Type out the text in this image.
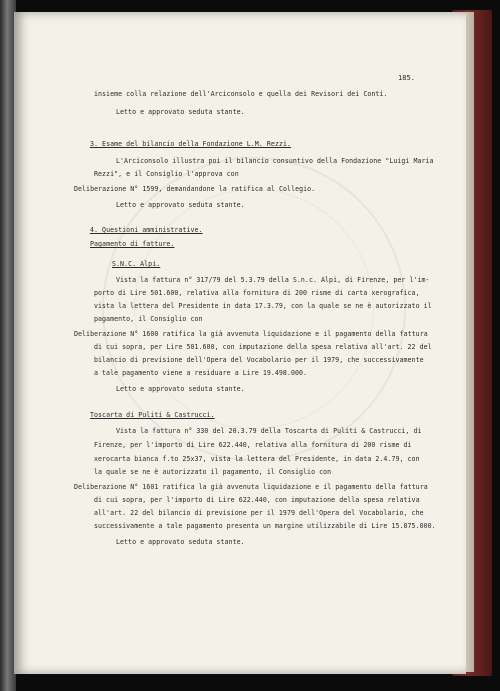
185.
insieme colla relazione dell'Arciconsolo e quella dei Revisori dei Conti.
Letto e approvato seduta stante.
3. Esame del bilancio della Fondazione L.M. Rezzi.
L'Arciconsolo illustra poi il bilancio consuntivo della Fondazione "Luigi Maria
Rezzi", e il Consiglio l'approva con
Deliberazione N° 1599, demandandone la ratifica al Collegio.
Letto e approvato seduta stante.
4. Questioni amministrative.
Pagamento di fatture.
S.N.C. Alpi.
Vista la fattura n° 317/79 del 5.3.79 della S.n.c. Alpi, di Firenze, per l'im-
porto di Lire 501.600, relativa alla fornitura di 200 risme di carta xerografica,
vista la lettera del Presidente in data 17.3.79, con la quale se ne è autorizzato il
pagamento, il Consiglio con
Deliberazione N° 1600 ratifica la già avvenuta liquidazione e il pagamento della fattura
di cui sopra, per Lire 501.600, con imputazione della spesa relativa all'art. 22 del
bilancio di previsione dell'Opera del Vocabolario per il 1979, che successivamente
a tale pagamento viene a residuare a Lire 19.498.000.
Letto e approvato seduta stante.
Toscarta di Puliti & Castrucci.
Vista la fattura n° 330 del 20.3.79 della Toscarta di Puliti & Castrucci, di
Firenze, per l'importo di Lire 622.440, relativa alla fornitura di 200 risme di
xerocarta bianca f.to 25x37, vista la lettera del Presidente, in data 2.4.79, con
la quale se ne è autorizzato il pagamento, il Consiglio con
Deliberazione N° 1601 ratifica la già avvenuta liquidazione e il pagamento della fattura
di cui sopra, per l'importo di Lire 622.440, con imputazione della spesa relativa
all'art. 22 del bilancio di previsione per il 1979 dell'Opera del Vocabolario, che
successivamente a tale pagamento presenta un margine utilizzabile di Lire 15.875.000.
Letto e approvato seduta stante.
